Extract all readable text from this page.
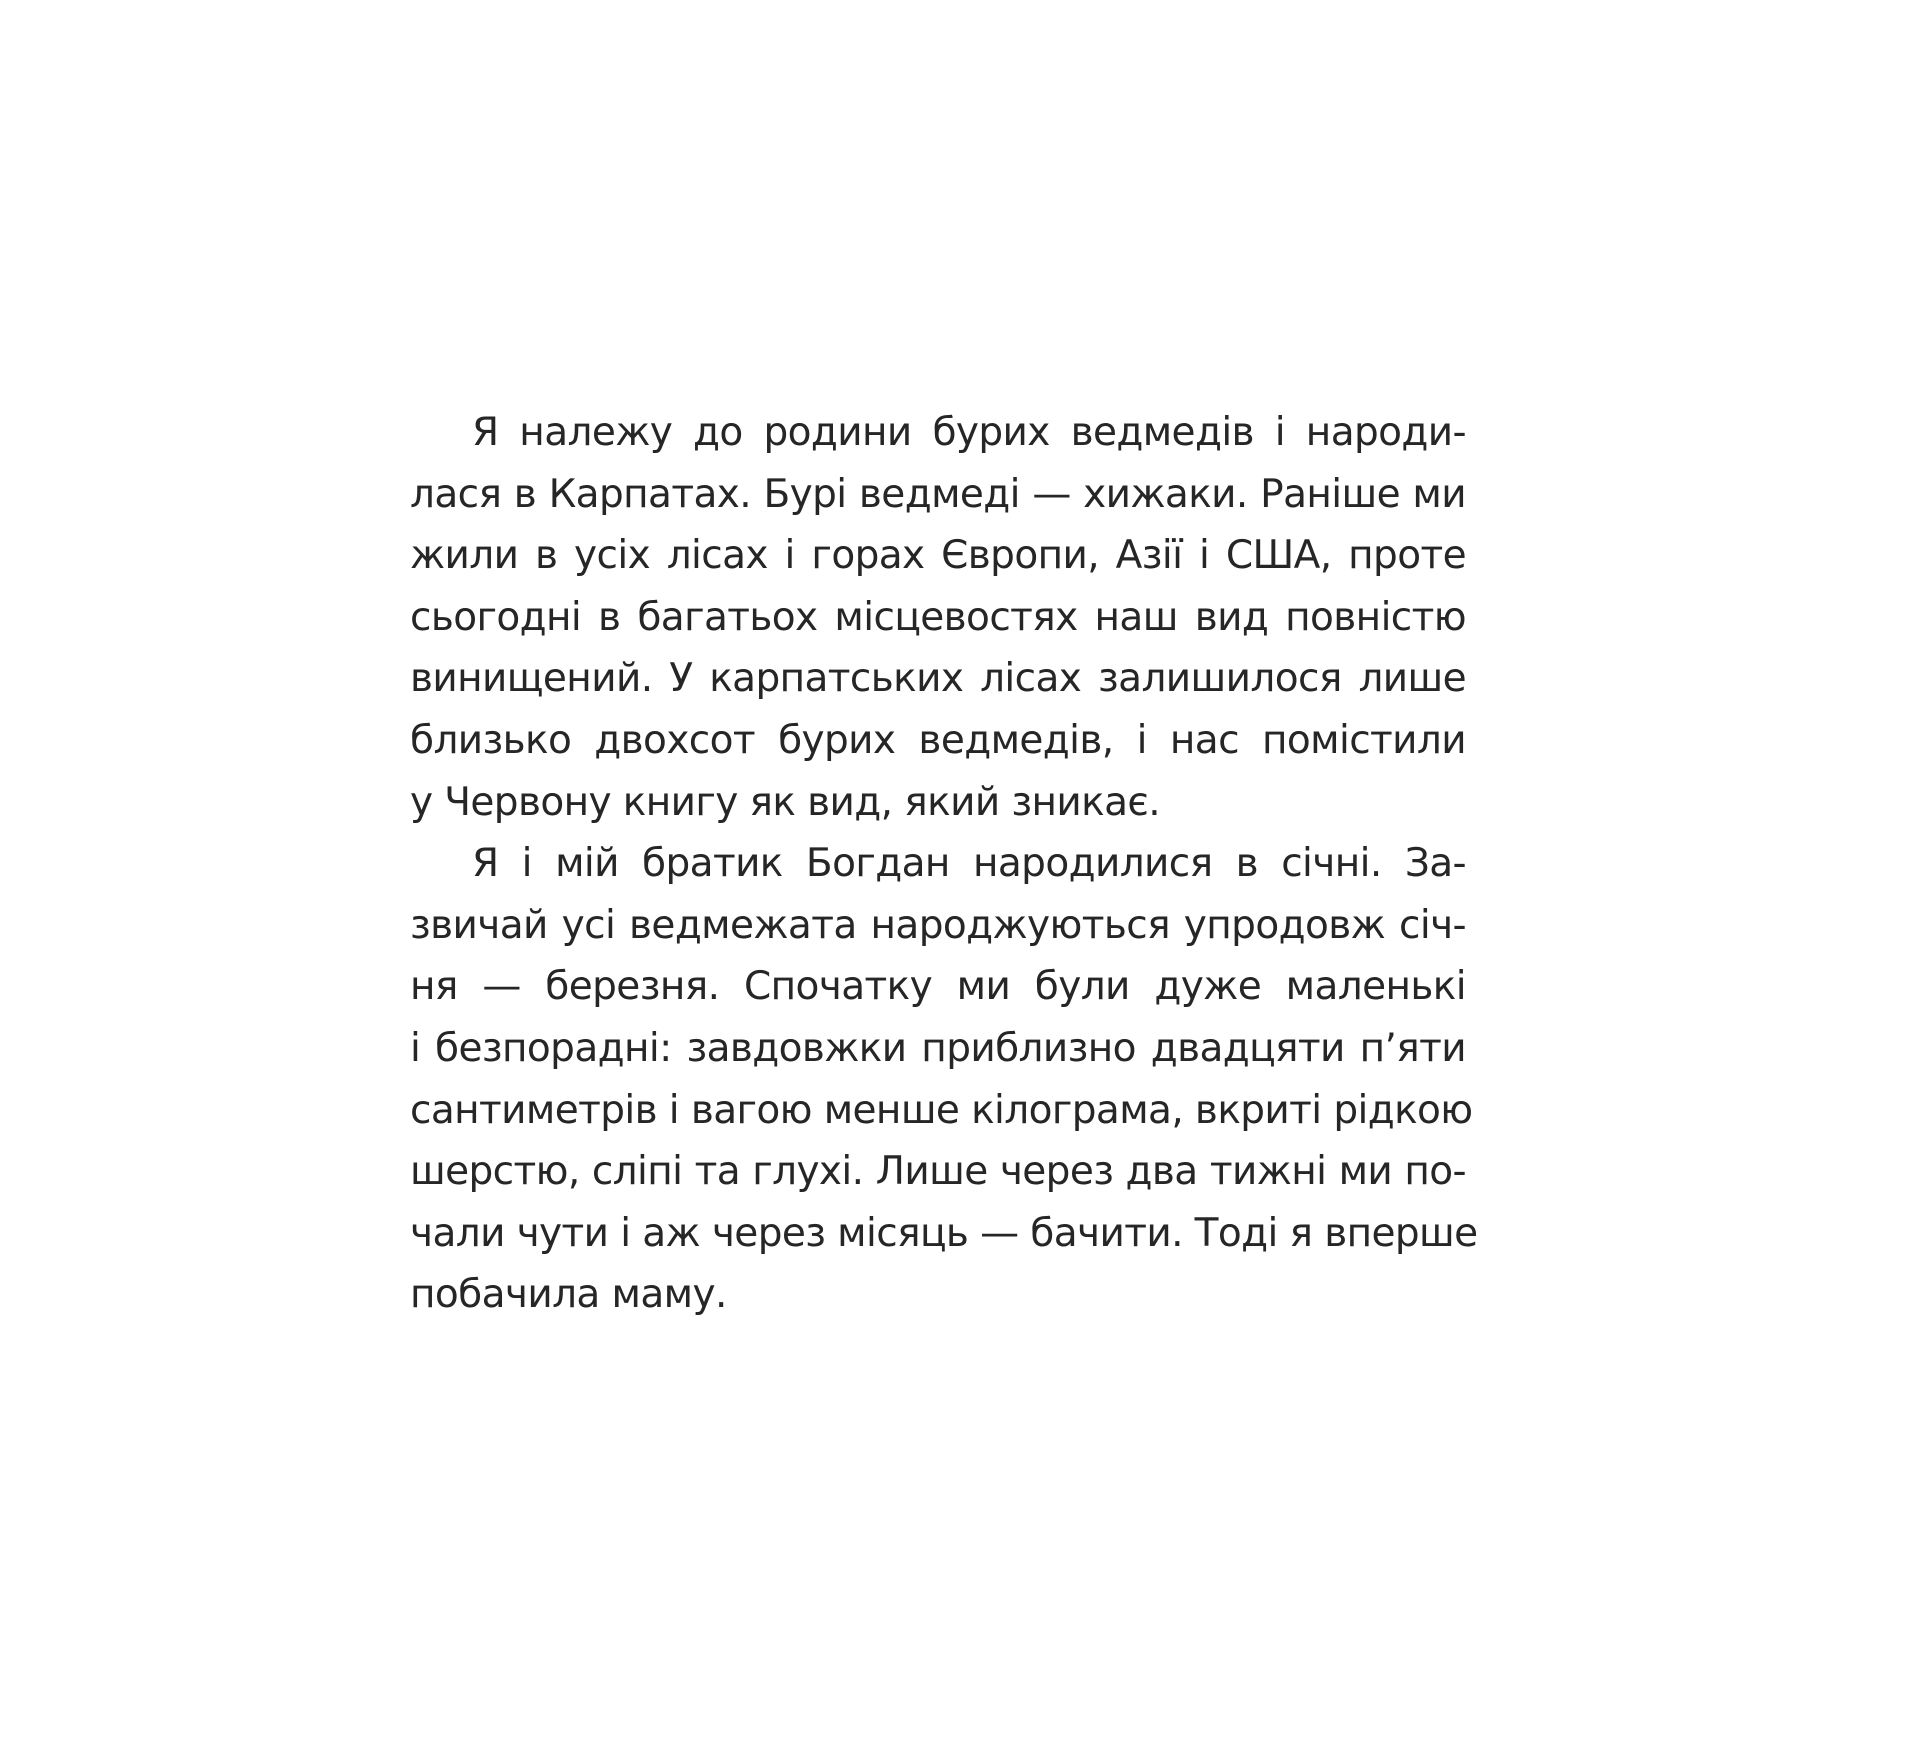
Я належу до родини бурих ведмедів і народи-
лася в Карпатах. Бурі ведмеді — хижаки. Раніше ми
жили в усіх лісах і горах Європи, Азії і США, проте
сьогодні в багатьох місцевостях наш вид повністю
винищений. У карпатських лісах залишилося лише
близько двохсот бурих ведмедів, і нас помістили
у Червону книгу як вид, який зникає.
Я і мій братик Богдан народилися в січні. За-
звичай усі ведмежата народжуються упродовж січ-
ня — березня. Спочатку ми були дуже маленькі
і безпорадні: завдовжки приблизно двадцяти п’яти
сантиметрів і вагою менше кілограма, вкриті рідкою
шерстю, сліпі та глухі. Лише через два тижні ми по-
чали чути і аж через місяць — бачити. Тоді я вперше
побачила маму.
